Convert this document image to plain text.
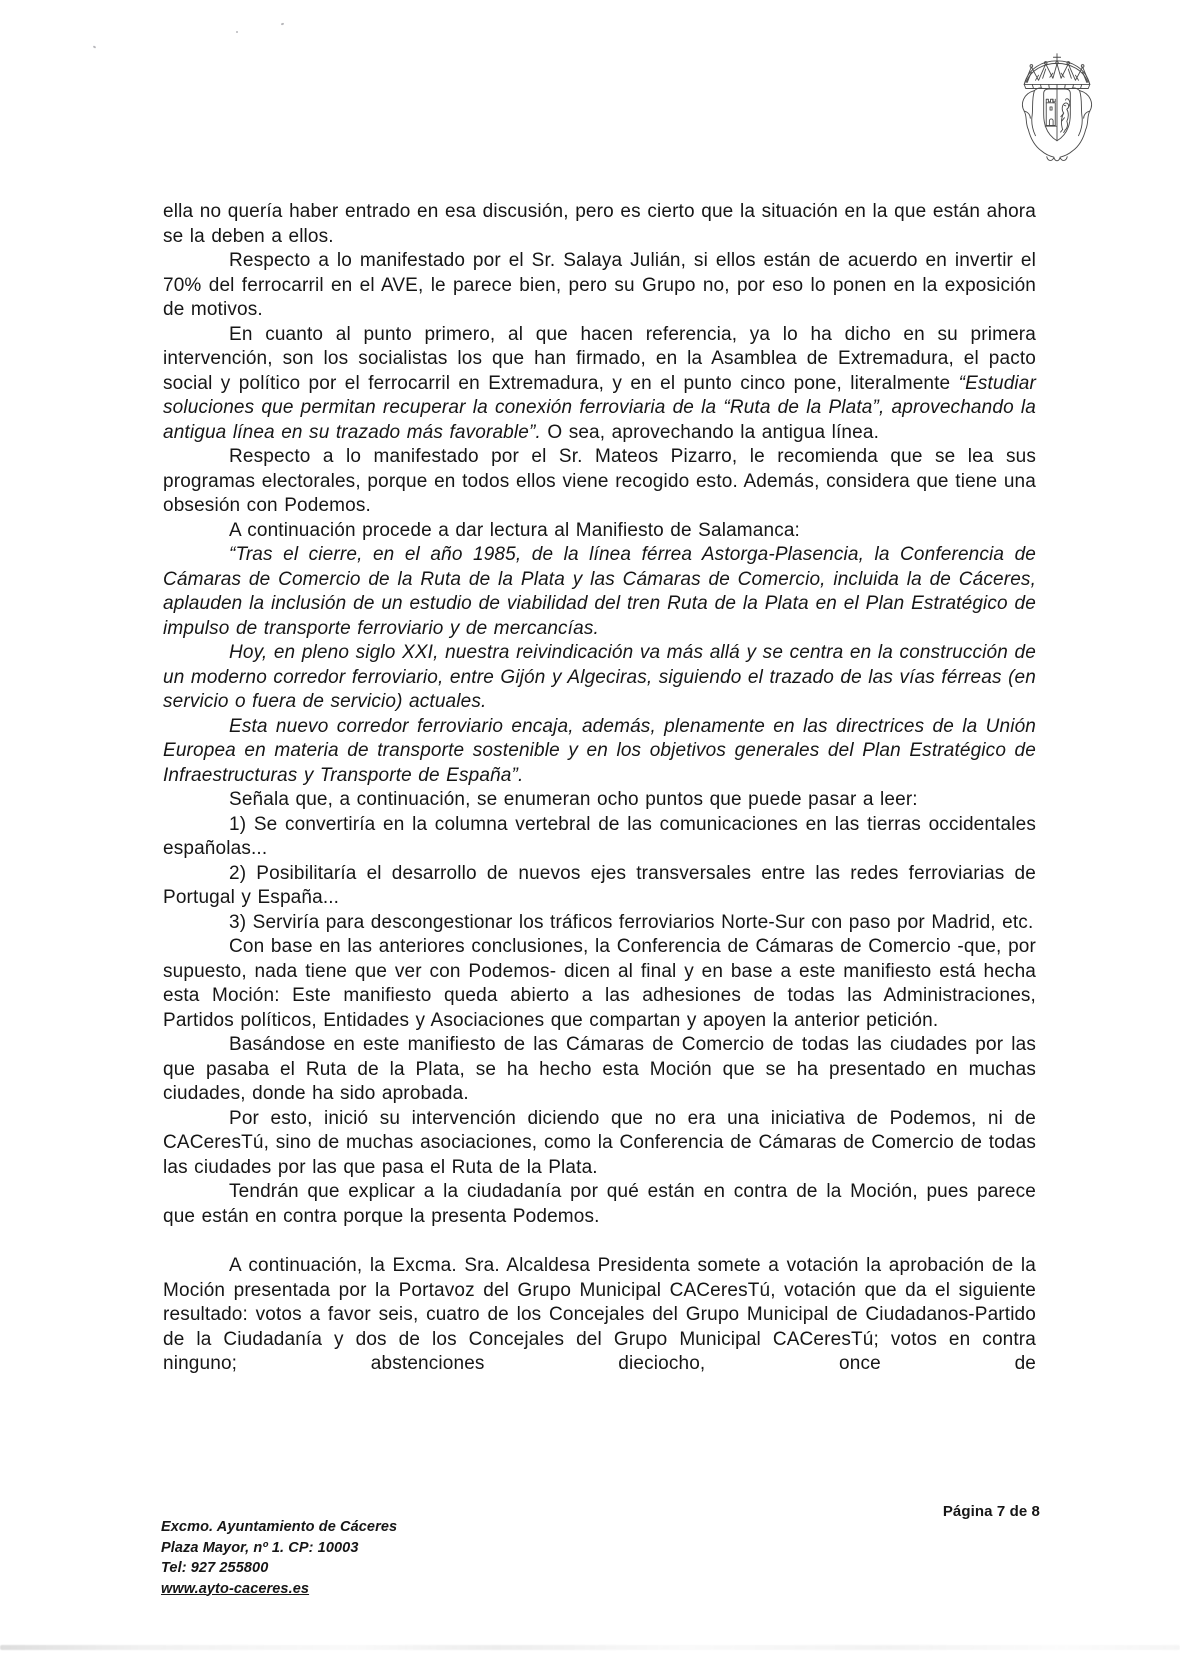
ella no quería haber entrado en esa discusión, pero es cierto que la situación en la que están ahora se la deben a ellos.

Respecto a lo manifestado por el Sr. Salaya Julián, si ellos están de acuerdo en invertir el 70% del ferrocarril en el AVE, le parece bien, pero su Grupo no, por eso lo ponen en la exposición de motivos.

En cuanto al punto primero, al que hacen referencia, ya lo ha dicho en su primera intervención, son los socialistas los que han firmado, en la Asamblea de Extremadura, el pacto social y político por el ferrocarril en Extremadura, y en el punto cinco pone, literalmente “Estudiar soluciones que permitan recuperar la conexión ferroviaria de la “Ruta de la Plata”, aprovechando la antigua línea en su trazado más favorable”. O sea, aprovechando la antigua línea.

Respecto a lo manifestado por el Sr. Mateos Pizarro, le recomienda que se lea sus programas electorales, porque en todos ellos viene recogido esto. Además, considera que tiene una obsesión con Podemos.

A continuación procede a dar lectura al Manifiesto de Salamanca:

“Tras el cierre, en el año 1985, de la línea férrea Astorga-Plasencia, la Conferencia de Cámaras de Comercio de la Ruta de la Plata y las Cámaras de Comercio, incluida la de Cáceres, aplauden la inclusión de un estudio de viabilidad del tren Ruta de la Plata en el Plan Estratégico de impulso de transporte ferroviario y de mercancías.

Hoy, en pleno siglo XXI, nuestra reivindicación va más allá y se centra en la construcción de un moderno corredor ferroviario, entre Gijón y Algeciras, siguiendo el trazado de las vías férreas (en servicio o fuera de servicio) actuales.

Esta nuevo corredor ferroviario encaja, además, plenamente en las directrices de la Unión Europea en materia de transporte sostenible y en los objetivos generales del Plan Estratégico de Infraestructuras y Transporte de España”.

Señala que, a continuación, se enumeran ocho puntos que puede pasar a leer:

1) Se convertiría en la columna vertebral de las comunicaciones en las tierras occidentales españolas...

2) Posibilitaría el desarrollo de nuevos ejes transversales entre las redes ferroviarias de Portugal y España...

3) Serviría para descongestionar los tráficos ferroviarios Norte-Sur con paso por Madrid, etc.

Con base en las anteriores conclusiones, la Conferencia de Cámaras de Comercio -que, por supuesto, nada tiene que ver con Podemos- dicen al final y en base a este manifiesto está hecha esta Moción: Este manifiesto queda abierto a las adhesiones de todas las Administraciones, Partidos políticos, Entidades y Asociaciones que compartan y apoyen la anterior petición.

Basándose en este manifiesto de las Cámaras de Comercio de todas las ciudades por las que pasaba el Ruta de la Plata, se ha hecho esta Moción que se ha presentado en muchas ciudades, donde ha sido aprobada.

Por esto, inició su intervención diciendo que no era una iniciativa de Podemos, ni de CACeresTú, sino de muchas asociaciones, como la Conferencia de Cámaras de Comercio de todas las ciudades por las que pasa el Ruta de la Plata.

Tendrán que explicar a la ciudadanía por qué están en contra de la Moción, pues parece que están en contra porque la presenta Podemos.

A continuación, la Excma. Sra. Alcaldesa Presidenta somete a votación la aprobación de la Moción presentada por la Portavoz del Grupo Municipal CACeresTú, votación que da el siguiente resultado: votos a favor seis, cuatro de los Concejales del Grupo Municipal de Ciudadanos-Partido de la Ciudadanía y dos de los Concejales del Grupo Municipal CACeresTú; votos en contra ninguno; abstenciones dieciocho, once de

Página 7 de 8
Excmo. Ayuntamiento de Cáceres
Plaza Mayor, nº 1. CP: 10003
Tel: 927 255800
www.ayto-caceres.es
